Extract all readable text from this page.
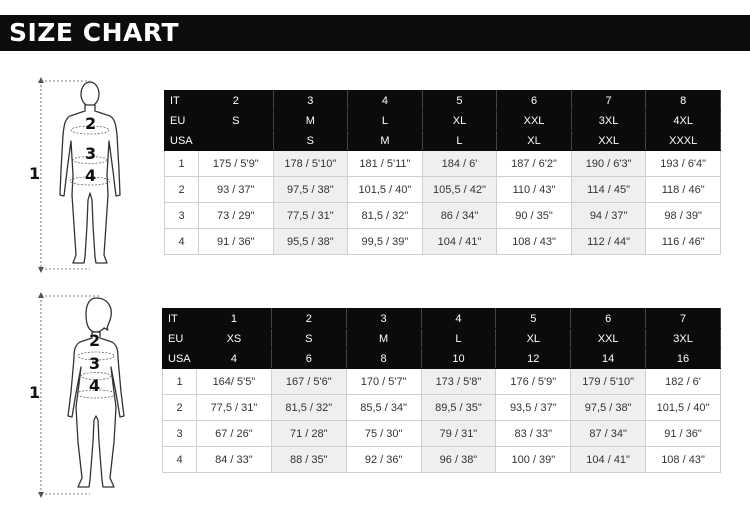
SIZE CHART
1
2
3
4
IT	2	3	4	5	6	7	8
EU	S	M	L	XL	XXL	3XL	4XL
USA		S	M	L	XL	XXL	XXXL
1	175 / 5'9"	178 / 5'10"	181 / 5'11"	184 / 6'	187 / 6'2"	190 / 6'3"	193 / 6'4"
2	93 / 37"	97,5 / 38"	101,5 / 40"	105,5 / 42"	110 / 43"	114 / 45"	118 / 46"
3	73 / 29"	77,5 / 31"	81,5 / 32"	86 / 34"	90 / 35"	94 / 37"	98 / 39"
4	91 / 36"	95,5 / 38"	99,5 / 39"	104 / 41"	108 / 43"	112 / 44"	116 / 46"
1
2
3
4
IT	1	2	3	4	5	6	7
EU	XS	S	M	L	XL	XXL	3XL
USA	4	6	8	10	12	14	16
1	164/ 5'5"	167 / 5'6"	170 / 5'7"	173 / 5'8"	176 / 5'9"	179 / 5'10"	182 / 6'
2	77,5 / 31"	81,5 / 32"	85,5 / 34"	89,5 / 35"	93,5 / 37"	97,5 / 38"	101,5 / 40"
3	67 / 26"	71 / 28"	75 / 30"	79 / 31"	83 / 33"	87 / 34"	91 / 36"
4	84 / 33"	88 / 35"	92 / 36"	96 / 38"	100 / 39"	104 / 41"	108 / 43"
